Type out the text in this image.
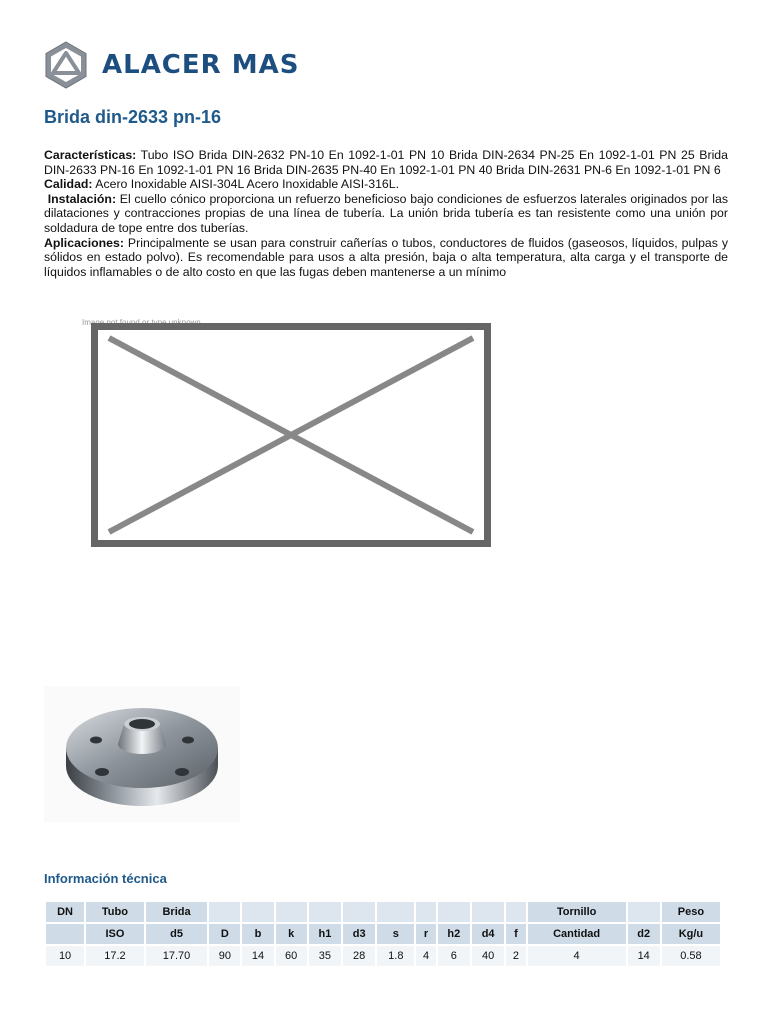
ALACER MAS
Brida din-2633 pn-16

Características: Tubo ISO Brida DIN-2632 PN-10 En 1092-1-01 PN 10 Brida DIN-2634 PN-25 En 1092-1-01 PN 25 Brida DIN-2633 PN-16 En 1092-1-01 PN 16 Brida DIN-2635 PN-40 En 1092-1-01 PN 40 Brida DIN-2631 PN-6 En 1092-1-01 PN 6

Calidad: Acero Inoxidable AISI-304L Acero Inoxidable AISI-316L.

Instalación: El cuello cónico proporciona un refuerzo beneficioso bajo condiciones de esfuerzos laterales originados por las dilataciones y contracciones propias de una línea de tubería. La unión brida tubería es tan resistente como una unión por soldadura de tope entre dos tuberías.

Aplicaciones: Principalmente se usan para construir cañerías o tubos, conductores de fluidos (gaseosos, líquidos, pulpas y sólidos en estado polvo). Es recomendable para usos a alta presión, baja o alta temperatura, alta carga y el transporte de líquidos inflamables o de alto costo en que las fugas deben mantenerse a un mínimo

Image not found or type unknown
Información técnica
DN	Tubo	Brida											Tornillo		Peso
	ISO	d5	D	b	k	h1	d3	s	r	h2	d4	f	Cantidad	d2	Kg/u
10	17.2	17.70	90	14	60	35	28	1.8	4	6	40	2	4	14	0.58
